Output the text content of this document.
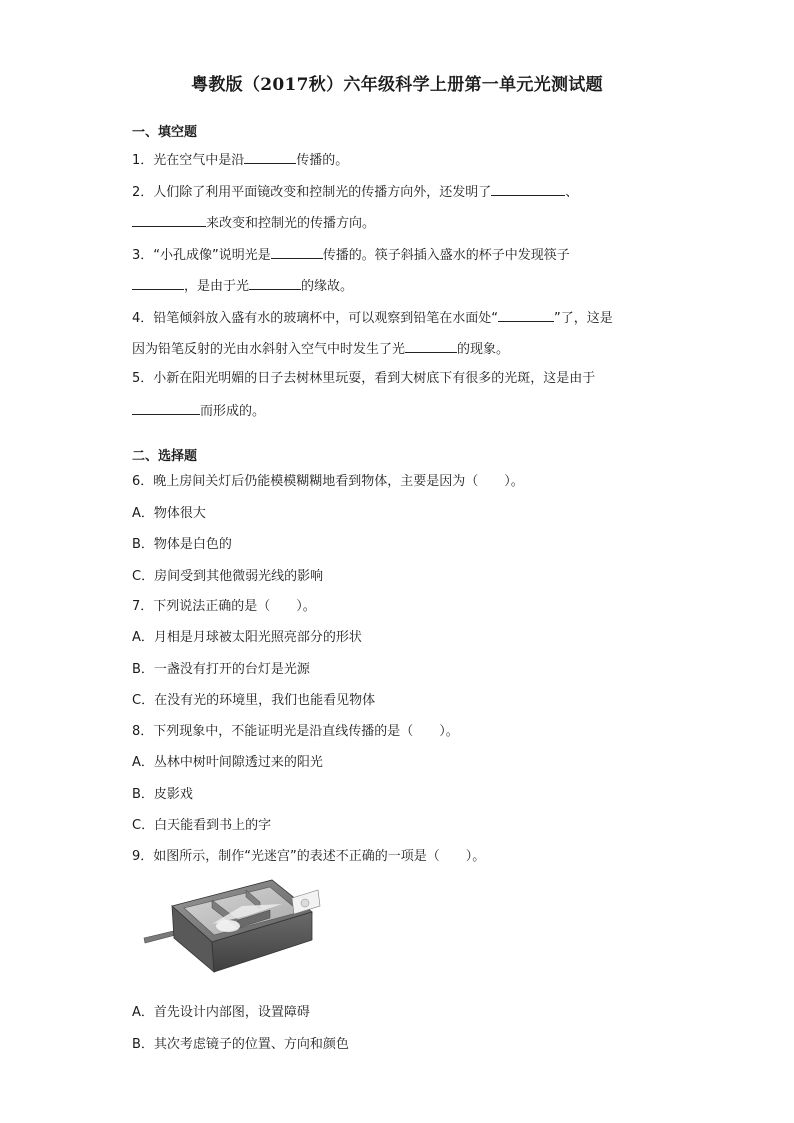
粤教版（2017秋）六年级科学上册第一单元光测试题
一、填空题
1．光在空气中是沿	传播的。
2．人们除了利用平面镜改变和控制光的传播方向外，还发明了	、
来改变和控制光的传播方向。
3．“小孔成像”说明光是	传播的。筷子斜插入盛水的杯子中发现筷子
，是由于光	的缘故。
4．铅笔倾斜放入盛有水的玻璃杯中，可以观察到铅笔在水面处“	”了，这是
因为铅笔反射的光由水斜射入空气中时发生了光	的现象。
5．小新在阳光明媚的日子去树林里玩耍，看到大树底下有很多的光斑，这是由于
而形成的。
二、选择题
6．晚上房间关灯后仍能模模糊糊地看到物体，主要是因为（　　）。
A．物体很大
B．物体是白色的
C．房间受到其他微弱光线的影响
7．下列说法正确的是（　　）。
A．月相是月球被太阳光照亮部分的形状
B．一盏没有打开的台灯是光源
C．在没有光的环境里，我们也能看见物体
8．下列现象中，不能证明光是沿直线传播的是（　　）。
A．丛林中树叶间隙透过来的阳光
B．皮影戏
C．白天能看到书上的字
9．如图所示，制作“光迷宫”的表述不正确的一项是（　　）。
A．首先设计内部图，设置障碍
B．其次考虑镜子的位置、方向和颜色
